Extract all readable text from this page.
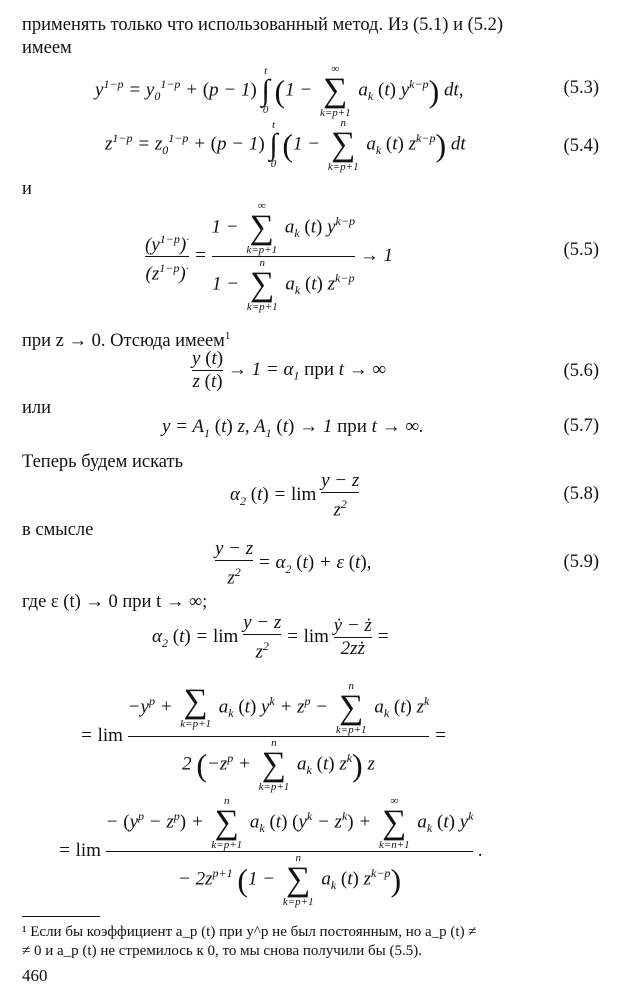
применять только что использованный метод. Из (5.1) и (5.2)
имеем
$y^{1-p} = y_0^{1-p} + (p - 1)$
t
∫
0
(1 −
∞
∑
k=p+1
$a_k$ (t) $y^{k-p}$) dt,	(5.3)
$z^{1-p} = z_0^{1-p} + (p - 1)$
t
∫
0
(1 −
n
∑
k=p+1
$a_k$ (t) $z^{k-p}$) dt	(5.4)
и
$\frac{(y^{1-p})^\cdot}{(z^{1-p})^\cdot} = 1$ −
∞
∑
k=p+1
$a_k$ (t) $y^{k-p}$
1 −
n
∑
k=p+1
$a_k$ (t) $z^{k-p} \to 1$	(5.5)
при z → 0. Отсюда имеем$^1$
$\frac{y (t)}{z (t)} \to 1 = \alpha_1$ при t → ∞	(5.6)
или
$y = A_1$ (t) z, $A_1$ (t) → 1 при t → ∞.	(5.7)
Теперь будем искать
$\alpha_2$ $(t) = \lim \frac{y - z}{z^2}$	(5.8)
в смысле
$\frac{y - z}{z^2} = \alpha_2$ (t) + ε (t),	(5.9)
где ε (t) → 0 при t → ∞;
$\alpha_2$ $(t) = \lim \frac{y - z}{z^2} = \lim \frac{\text{ẏ − ż}}{2zż}$ =
= $\lim -y^p$ + ∑
k=p+1
$a_k$ (t) $y^k + z^p$ −
n
∑
k=p+1
$a_k$ (t) $z^k$
2 ($-z^p$ +
n
∑
k=p+1
$a_k$ (t) $z^k$) z =
= $\lim - (y^p - z^p)$ +
n
∑
k=p+1
$a_k$ (t) $(y^k - z^k)$ +
∞
∑
k=n+1
$a_k$ (t) $y^k$
− $2z^{p+1}$ (1 −
n
∑
k=p+1
$a_k$ (t) $z^{k-p}$) .
¹ Если бы коэффициент a_p (t) при y^p не был постоянным, но a_p (t) ≠
≠ 0 и a_p (t) не стремилось к 0, то мы снова получили бы (5.5).
460
